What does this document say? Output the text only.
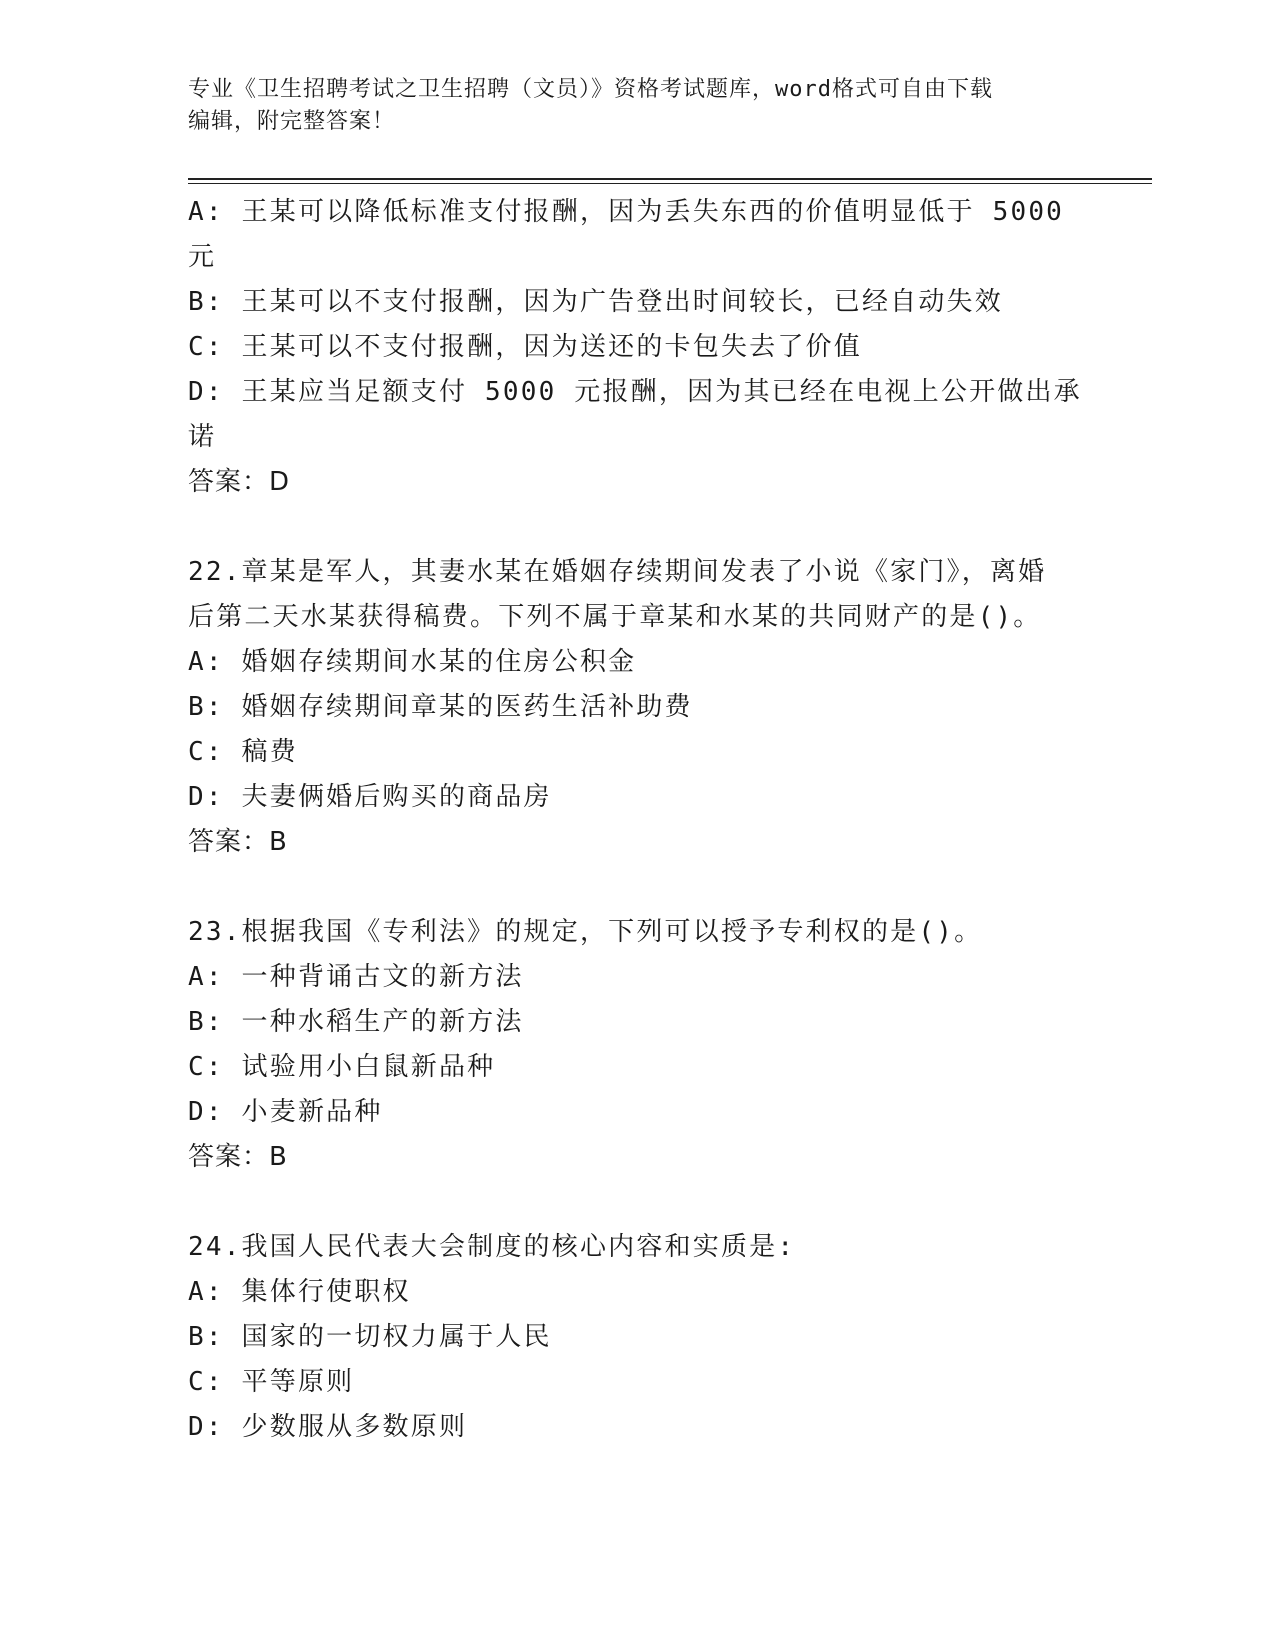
专业《卫生招聘考试之卫生招聘（文员）》资格考试题库，word格式可自由下载
编辑，附完整答案！
A: 王某可以降低标准支付报酬，因为丢失东西的价值明显低于 5000
元
B: 王某可以不支付报酬，因为广告登出时间较长，已经自动失效
C: 王某可以不支付报酬，因为送还的卡包失去了价值
D: 王某应当足额支付 5000 元报酬，因为其已经在电视上公开做出承
诺
答案：D
22.章某是军人，其妻水某在婚姻存续期间发表了小说《家门》，离婚
后第二天水某获得稿费。下列不属于章某和水某的共同财产的是()。
A: 婚姻存续期间水某的住房公积金
B: 婚姻存续期间章某的医药生活补助费
C: 稿费
D: 夫妻俩婚后购买的商品房
答案：B
23.根据我国《专利法》的规定，下列可以授予专利权的是()。
A: 一种背诵古文的新方法
B: 一种水稻生产的新方法
C: 试验用小白鼠新品种
D: 小麦新品种
答案：B
24.我国人民代表大会制度的核心内容和实质是:
A: 集体行使职权
B: 国家的一切权力属于人民
C: 平等原则
D: 少数服从多数原则
